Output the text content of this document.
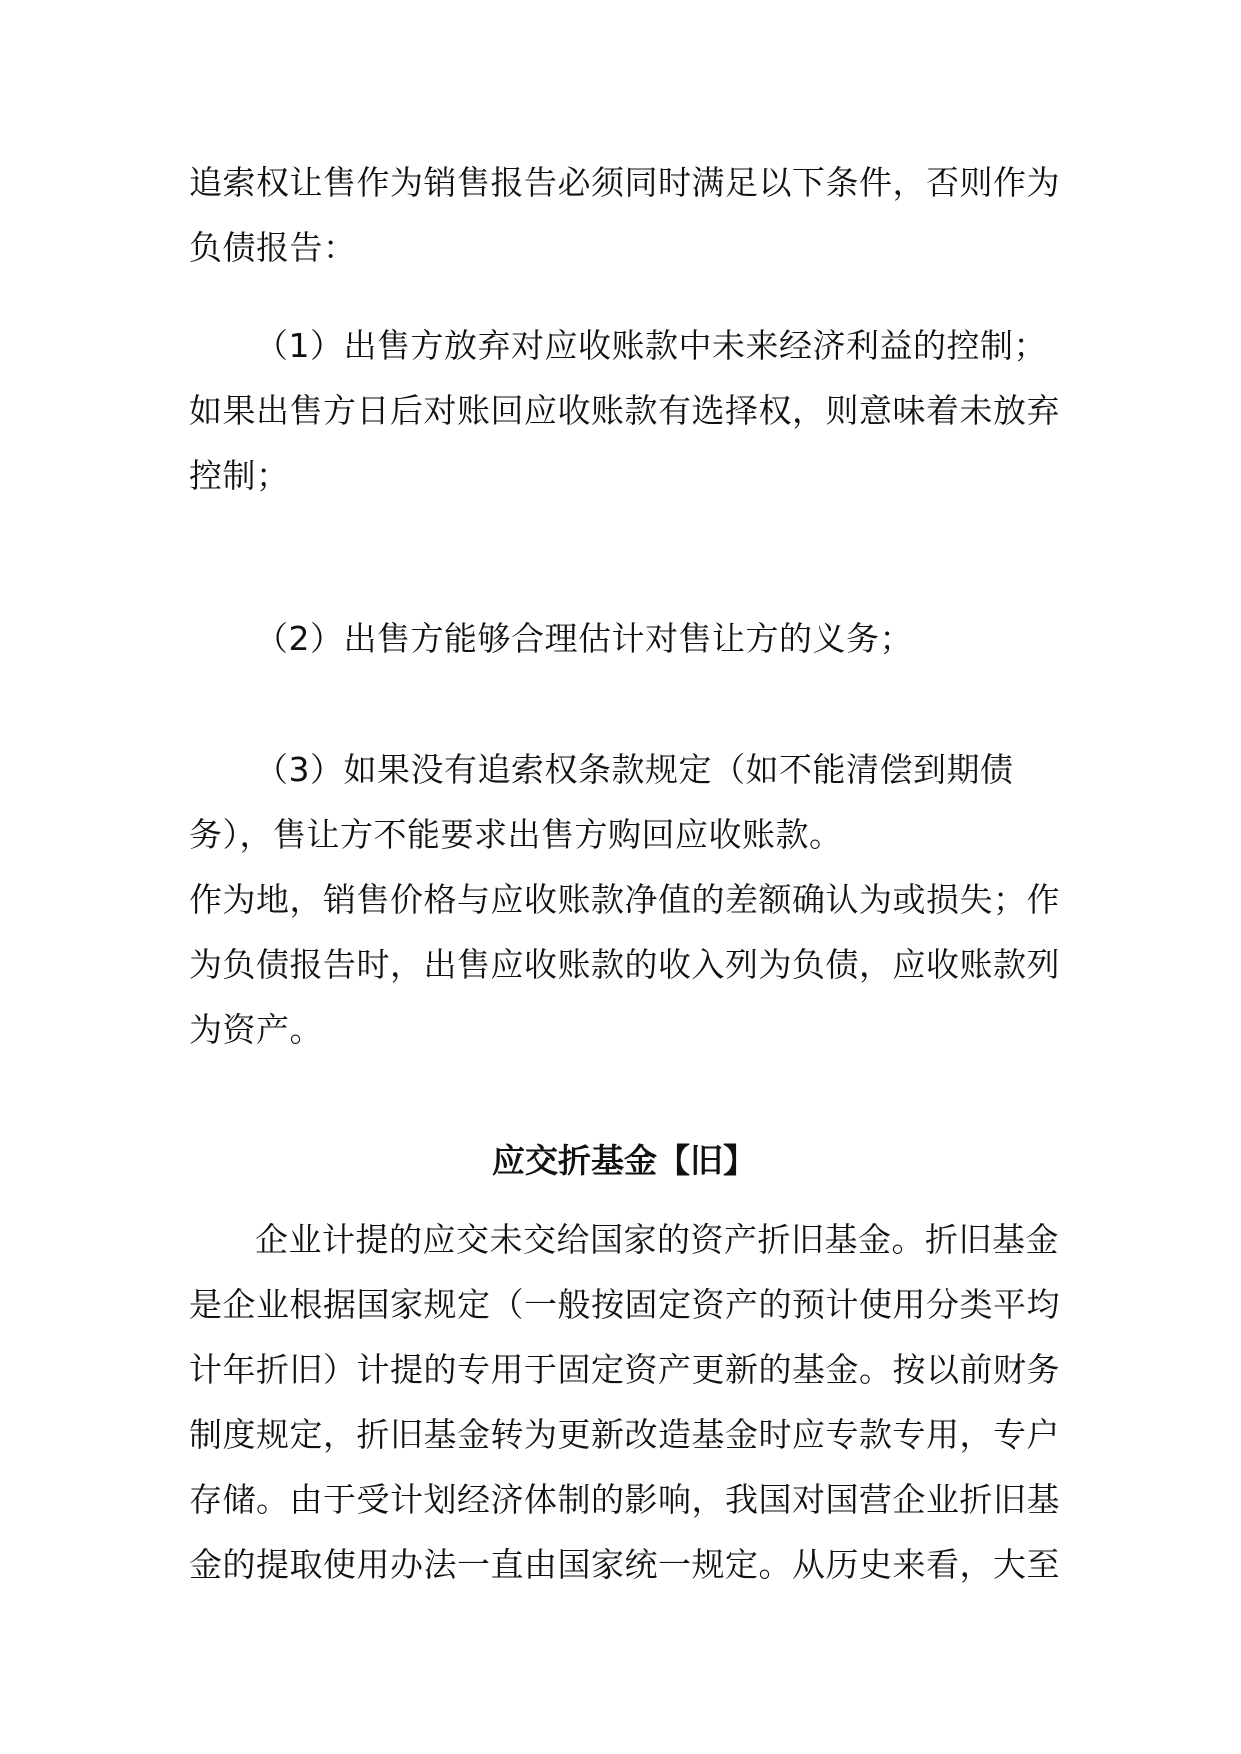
追索权让售作为销售报告必须同时满足以下条件，否则作为
负债报告：
（1）出售方放弃对应收账款中未来经济利益的控制；
如果出售方日后对账回应收账款有选择权，则意味着未放弃
控制；
（2）出售方能够合理估计对售让方的义务；
（3）如果没有追索权条款规定（如不能清偿到期债
务），售让方不能要求出售方购回应收账款。
作为地，销售价格与应收账款净值的差额确认为或损失；作
为负债报告时，出售应收账款的收入列为负债，应收账款列
为资产。
应交折基金【旧】
企业计提的应交未交给国家的资产折旧基金。折旧基金
是企业根据国家规定（一般按固定资产的预计使用分类平均
计年折旧）计提的专用于固定资产更新的基金。按以前财务
制度规定，折旧基金转为更新改造基金时应专款专用，专户
存储。由于受计划经济体制的影响，我国对国营企业折旧基
金的提取使用办法一直由国家统一规定。从历史来看，大至
